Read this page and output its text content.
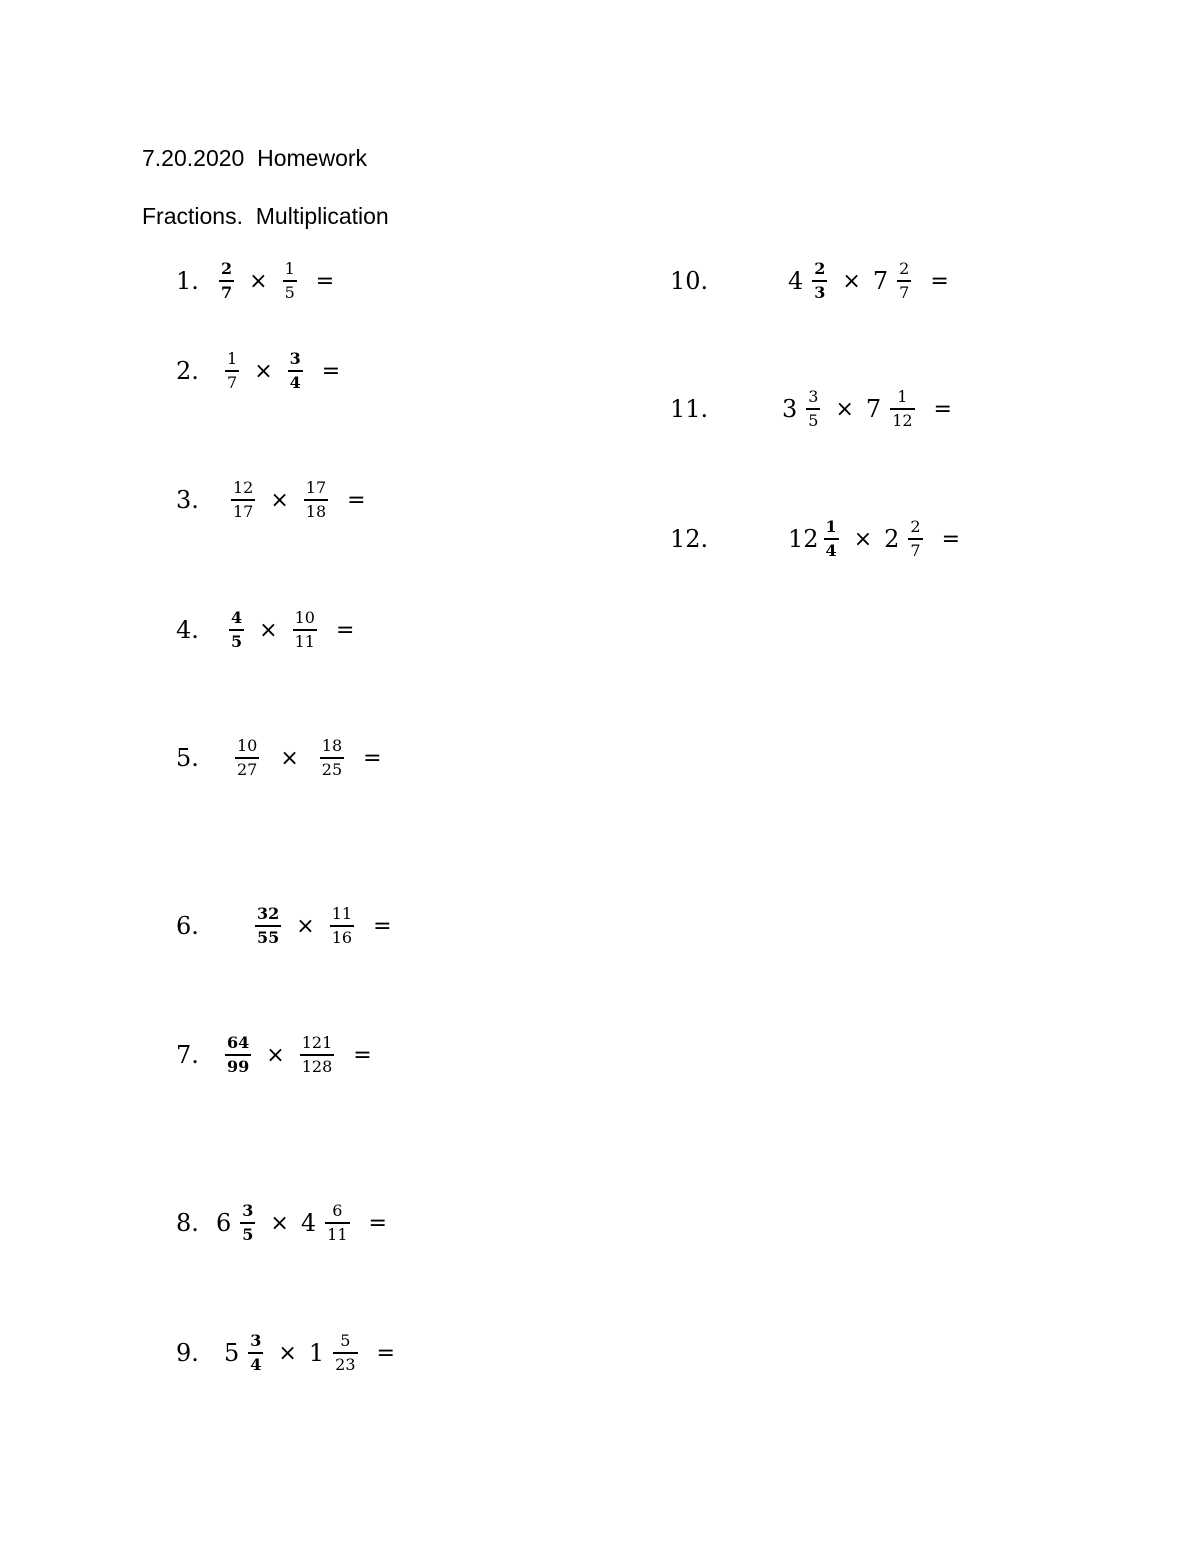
7.20.2020  Homework
Fractions.  Multiplication
1.	$\frac{2}{7} \times \frac{1}{5}$ =
2.	$\frac{1}{7} \times \frac{3}{4}$ =
3.	$\frac{12}{17} \times \frac{17}{18}$ =
4.	$\frac{4}{5} \times \frac{10}{11}$ =
5.	$\frac{10}{27} \times \frac{18}{25}$ =
6.	$\frac{32}{55} \times \frac{11}{16}$ =
7.	$\frac{64}{99} \times \frac{121}{128}$ =
8. $6 \frac{3}{5} \times 4 \frac{6}{11}$ =
9.	$5 \frac{3}{4} \times 1 \frac{5}{23}$ =
10.	$4 \frac{2}{3} \times 7 \frac{2}{7}$ =
11.	$3 \frac{3}{5} \times 7 \frac{1}{12}$ =
12.	$12 \frac{1}{4} \times 2 \frac{2}{7}$ =
